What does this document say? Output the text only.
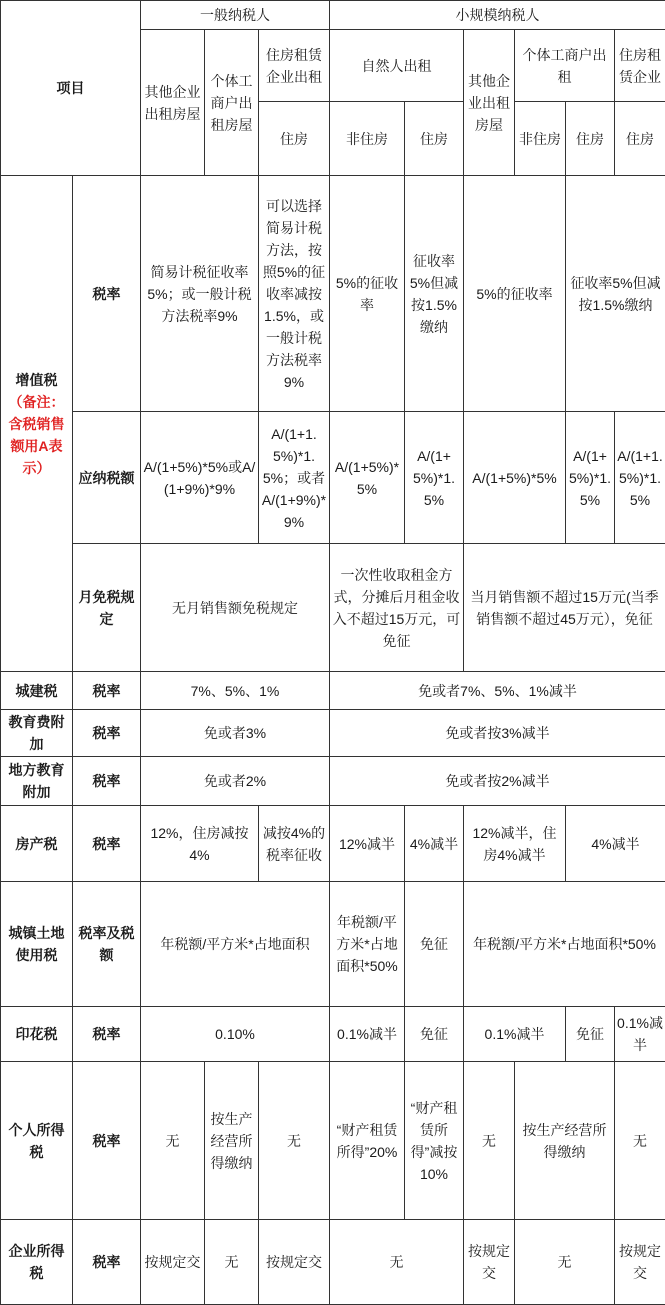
项目		一般纳税人			小规模纳税人					
		其他企业出租房屋	个体工商户出租房屋	住房租赁企业出租	自然人出租		其他企业出租房屋	个体工商户出租		住房租赁企业
				住房	非住房	住房		非住房	住房	住房
增值税
（备注：含税销售额用A表示）	税率	简易计税征收率5%；或一般计税方法税率9%		可以选择简易计税方法，按照5%的征收率减按1.5%，或一般计税方法税率9%	5%的征收率	征收率5%但减按1.5%缴纳	5%的征收率		征收率5%但减按1.5%缴纳	
	应纳税额	A/(1+5%)*5%或A/(1+9%)*9%		A/(1+1.5%)*1.5%；或者A/(1+9%)*9%	A/(1+5%)*5%	A/(1+5%)*1.5%	A/(1+5%)*5%		A/(1+5%)*1.5%	A/(1+1.5%)*1.5%
	月免税规定	无月销售额免税规定			一次性收取租金方式，分摊后月租金收入不超过15万元，可免征		当月销售额不超过15万元(当季销售额不超过45万元），免征			
城建税	税率	7%、5%、1%			免或者7%、5%、1%减半					
教育费附加	税率	免或者3%			免或者按3%减半					
地方教育附加	税率	免或者2%			免或者按2%减半					
房产税	税率	12%，住房减按4%		减按4%的税率征收	12%减半	4%减半	12%减半，住房4%减半		4%减半	
城镇土地使用税	税率及税额	年税额/平方米*占地面积			年税额/平方米*占地面积*50%	免征	年税额/平方米*占地面积*50%			
印花税	税率	0.10%			0.1%减半	免征	0.1%减半		免征	0.1%减半
个人所得税	税率	无	按生产经营所得缴纳	无	“财产租赁所得”20%	“财产租赁所得”减按10%	无	按生产经营所得缴纳		无
企业所得税	税率	按规定交	无	按规定交	无		按规定交	无		按规定交
